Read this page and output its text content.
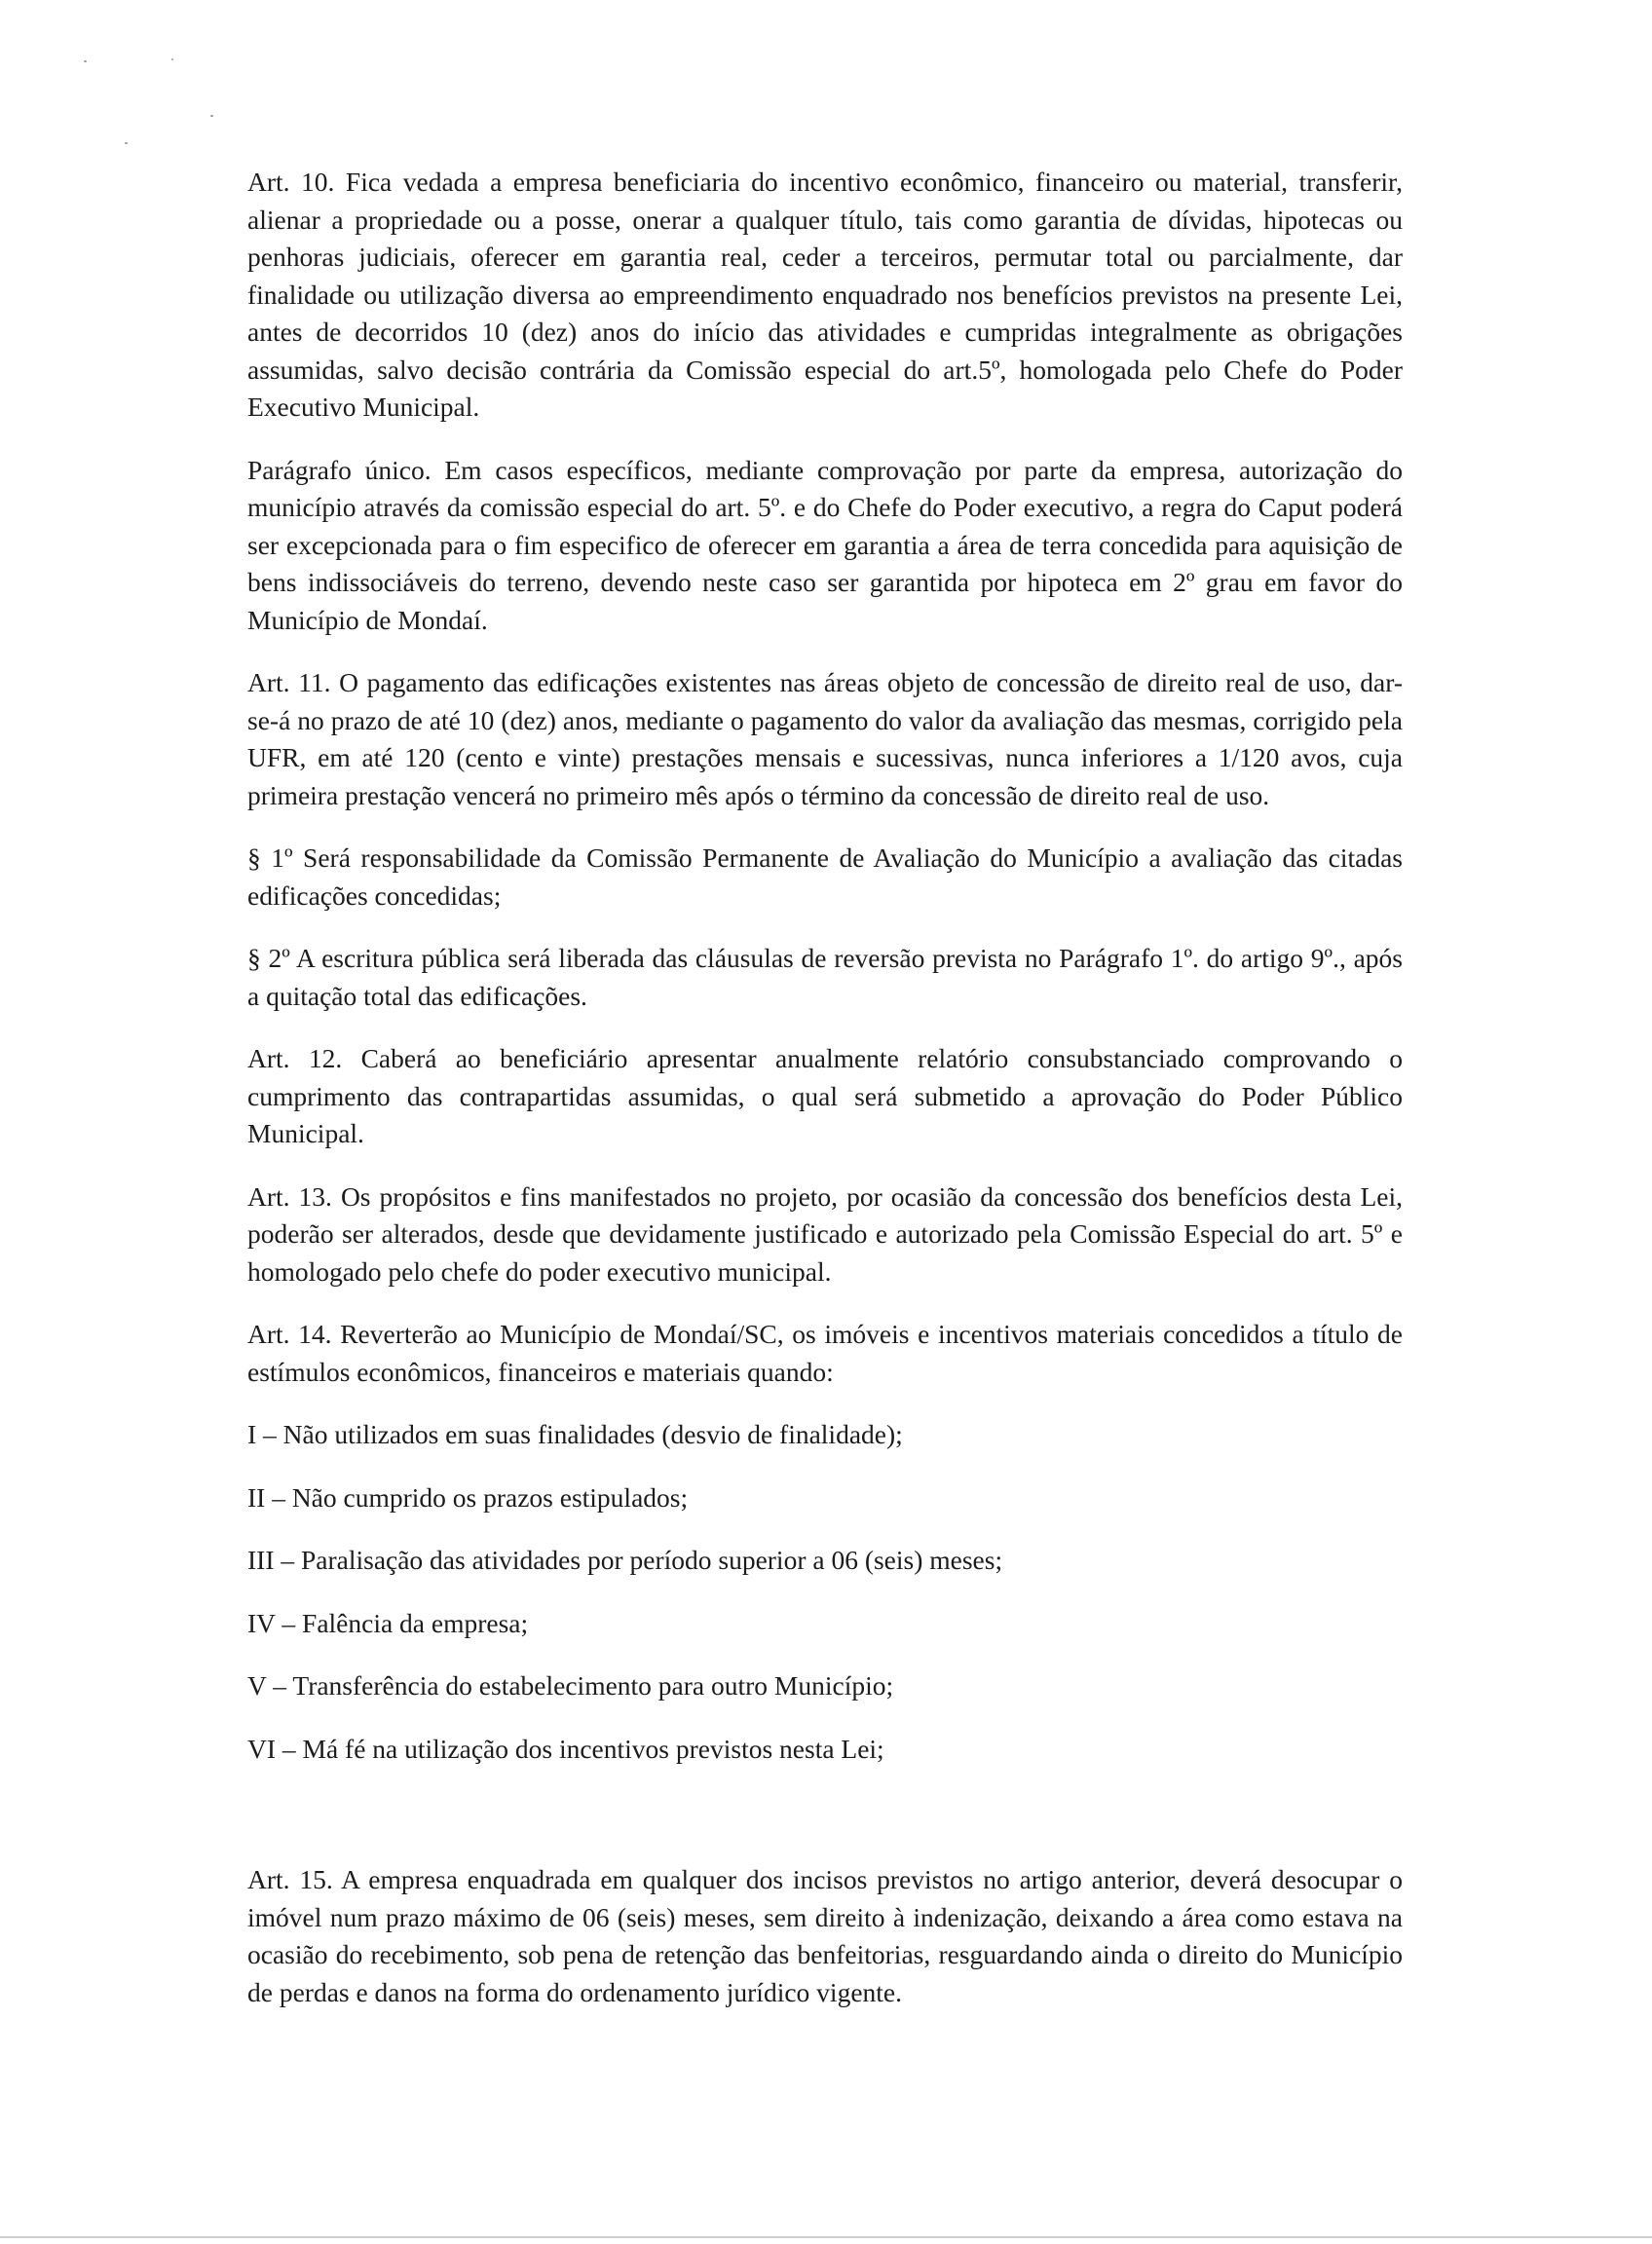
Art. 10. Fica vedada a empresa beneficiaria do incentivo econômico, financeiro ou material, transferir, alienar a propriedade ou a posse, onerar a qualquer título, tais como garantia de dívidas, hipotecas ou penhoras judiciais, oferecer em garantia real, ceder a terceiros, permutar total ou parcialmente, dar finalidade ou utilização diversa ao empreendimento enquadrado nos benefícios previstos na presente Lei, antes de decorridos 10 (dez) anos do início das atividades e cumpridas integralmente as obrigações assumidas, salvo decisão contrária da Comissão especial do art.5º, homologada pelo Chefe do Poder Executivo Municipal.

Parágrafo único. Em casos específicos, mediante comprovação por parte da empresa, autorização do município através da comissão especial do art. 5º. e do Chefe do Poder executivo, a regra do Caput poderá ser excepcionada para o fim especifico de oferecer em garantia a área de terra concedida para aquisição de bens indissociáveis do terreno, devendo neste caso ser garantida por hipoteca em 2º grau em favor do Município de Mondaí.

Art. 11. O pagamento das edificações existentes nas áreas objeto de concessão de direito real de uso, dar-se-á no prazo de até 10 (dez) anos, mediante o pagamento do valor da avaliação das mesmas, corrigido pela UFR, em até 120 (cento e vinte) prestações mensais e sucessivas, nunca inferiores a 1/120 avos, cuja primeira prestação vencerá no primeiro mês após o término da concessão de direito real de uso.

§ 1º Será responsabilidade da Comissão Permanente de Avaliação do Município a avaliação das citadas edificações concedidas;

§ 2º A escritura pública será liberada das cláusulas de reversão prevista no Parágrafo 1º. do artigo 9º., após a quitação total das edificações.

Art. 12. Caberá ao beneficiário apresentar anualmente relatório consubstanciado comprovando o cumprimento das contrapartidas assumidas, o qual será submetido a aprovação do Poder Público Municipal.

Art. 13. Os propósitos e fins manifestados no projeto, por ocasião da concessão dos benefícios desta Lei, poderão ser alterados, desde que devidamente justificado e autorizado pela Comissão Especial do art. 5º e homologado pelo chefe do poder executivo municipal.

Art. 14. Reverterão ao Município de Mondaí/SC, os imóveis e incentivos materiais concedidos a título de estímulos econômicos, financeiros e materiais quando:

I – Não utilizados em suas finalidades (desvio de finalidade);

II – Não cumprido os prazos estipulados;

III – Paralisação das atividades por período superior a 06 (seis) meses;

IV – Falência da empresa;

V – Transferência do estabelecimento para outro Município;

VI – Má fé na utilização dos incentivos previstos nesta Lei;

Art. 15. A empresa enquadrada em qualquer dos incisos previstos no artigo anterior, deverá desocupar o imóvel num prazo máximo de 06 (seis) meses, sem direito à indenização, deixando a área como estava na ocasião do recebimento, sob pena de retenção das benfeitorias, resguardando ainda o direito do Município de perdas e danos na forma do ordenamento jurídico vigente.
